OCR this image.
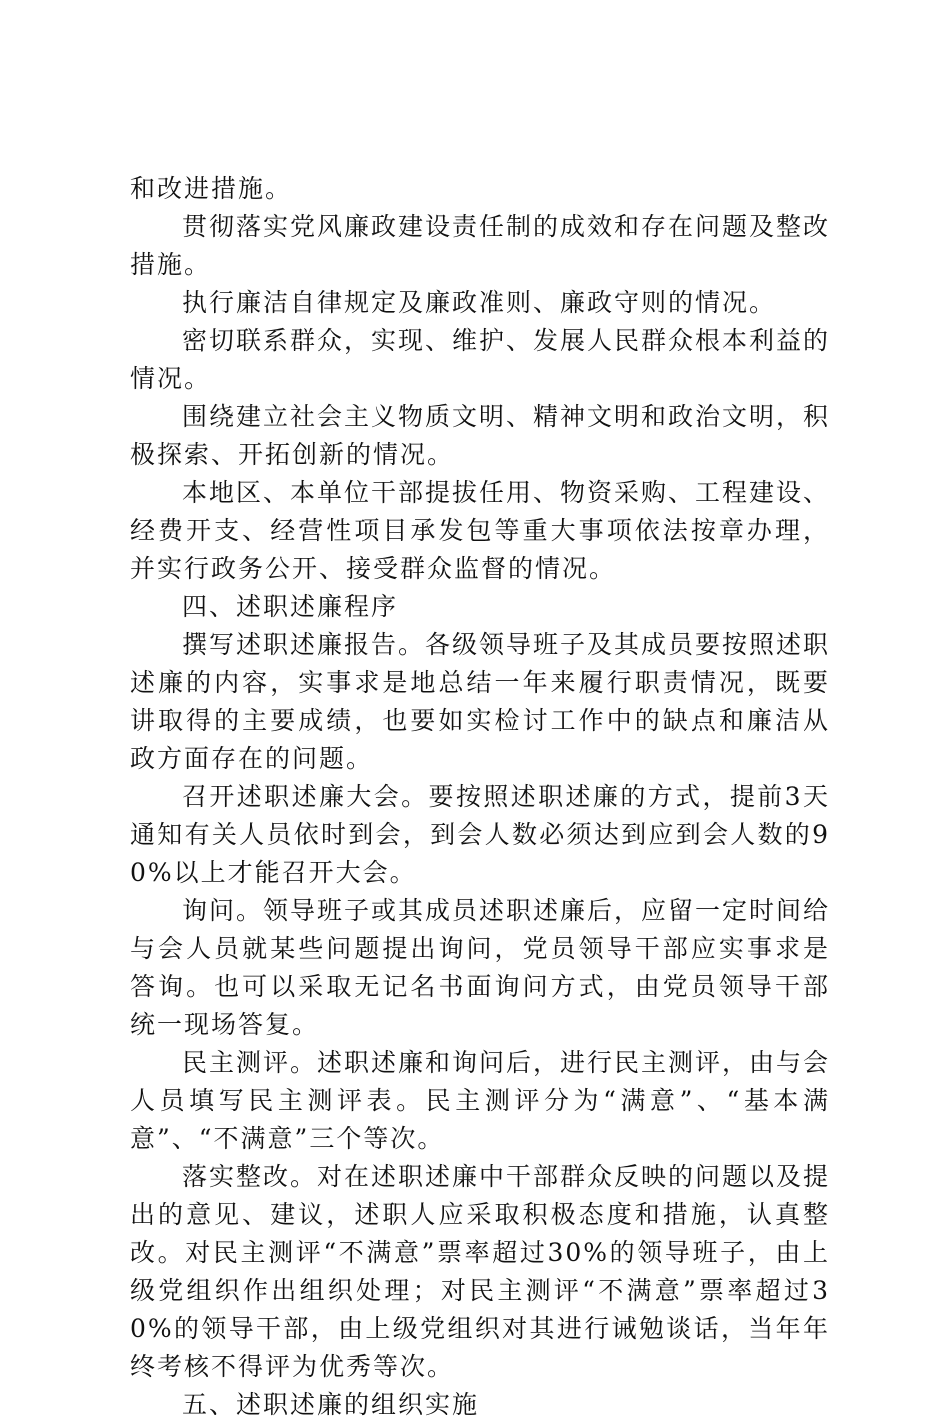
和改进措施。

贯彻落实党风廉政建设责任制的成效和存在问题及整改措施。

执行廉洁自律规定及廉政准则、廉政守则的情况。

密切联系群众，实现、维护、发展人民群众根本利益的情况。

围绕建立社会主义物质文明、精神文明和政治文明，积极探索、开拓创新的情况。

本地区、本单位干部提拔任用、物资采购、工程建设、经费开支、经营性项目承发包等重大事项依法按章办理，并实行政务公开、接受群众监督的情况。

四、述职述廉程序

撰写述职述廉报告。各级领导班子及其成员要按照述职述廉的内容，实事求是地总结一年来履行职责情况，既要讲取得的主要成绩，也要如实检讨工作中的缺点和廉洁从政方面存在的问题。

召开述职述廉大会。要按照述职述廉的方式，提前3天通知有关人员依时到会，到会人数必须达到应到会人数的90%以上才能召开大会。

询问。领导班子或其成员述职述廉后，应留一定时间给与会人员就某些问题提出询问，党员领导干部应实事求是答询。也可以采取无记名书面询问方式，由党员领导干部统一现场答复。

民主测评。述职述廉和询问后，进行民主测评，由与会人员填写民主测评表。民主测评分为“满意”、“基本满意”、“不满意”三个等次。

落实整改。对在述职述廉中干部群众反映的问题以及提出的意见、建议，述职人应采取积极态度和措施，认真整改。对民主测评“不满意”票率超过30%的领导班子，由上级党组织作出组织处理；对民主测评“不满意”票率超过30%的领导干部，由上级党组织对其进行诫勉谈话，当年年终考核不得评为优秀等次。

五、述职述廉的组织实施
